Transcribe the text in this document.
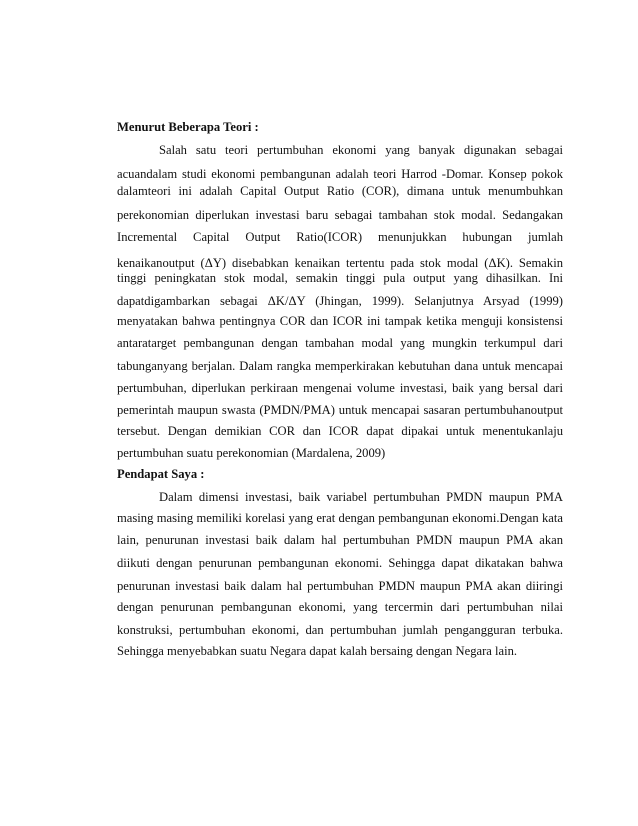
Menurut Beberapa Teori :
Salah satu teori pertumbuhan ekonomi yang banyak digunakan sebagai
acuandalam studi ekonomi pembangunan adalah teori Harrod -Domar. Konsep pokok
dalamteori ini adalah Capital Output Ratio (COR), dimana untuk menumbuhkan
perekonomian diperlukan investasi baru sebagai tambahan stok modal. Sedangakan
Incremental Capital Output Ratio(ICOR) menunjukkan hubungan jumlah
kenaikanoutput (ΔY) disebabkan kenaikan tertentu pada stok modal (ΔK). Semakin
tinggi peningkatan stok modal, semakin tinggi pula output yang dihasilkan. Ini
dapatdigambarkan sebagai ΔK/ΔY (Jhingan, 1999). Selanjutnya Arsyad (1999)
menyatakan bahwa pentingnya COR dan ICOR ini tampak ketika menguji konsistensi
antaratarget pembangunan dengan tambahan modal yang mungkin terkumpul dari
tabunganyang berjalan. Dalam rangka memperkirakan kebutuhan dana untuk mencapai
pertumbuhan, diperlukan perkiraan mengenai volume investasi, baik yang bersal dari
pemerintah maupun swasta (PMDN/PMA) untuk mencapai sasaran pertumbuhanoutput
tersebut. Dengan demikian COR dan ICOR dapat dipakai untuk menentukanlaju
pertumbuhan suatu perekonomian (Mardalena, 2009)
Pendapat Saya :
Dalam dimensi investasi, baik variabel pertumbuhan PMDN maupun PMA
masing masing memiliki korelasi yang erat dengan pembangunan ekonomi.Dengan kata
lain, penurunan investasi baik dalam hal pertumbuhan PMDN maupun PMA akan
diikuti dengan penurunan pembangunan ekonomi. Sehingga dapat dikatakan bahwa
penurunan investasi baik dalam hal pertumbuhan PMDN maupun PMA akan diiringi
dengan penurunan pembangunan ekonomi, yang tercermin dari pertumbuhan nilai
konstruksi, pertumbuhan ekonomi, dan pertumbuhan jumlah pengangguran terbuka.
Sehingga menyebabkan suatu Negara dapat kalah bersaing dengan Negara lain.
